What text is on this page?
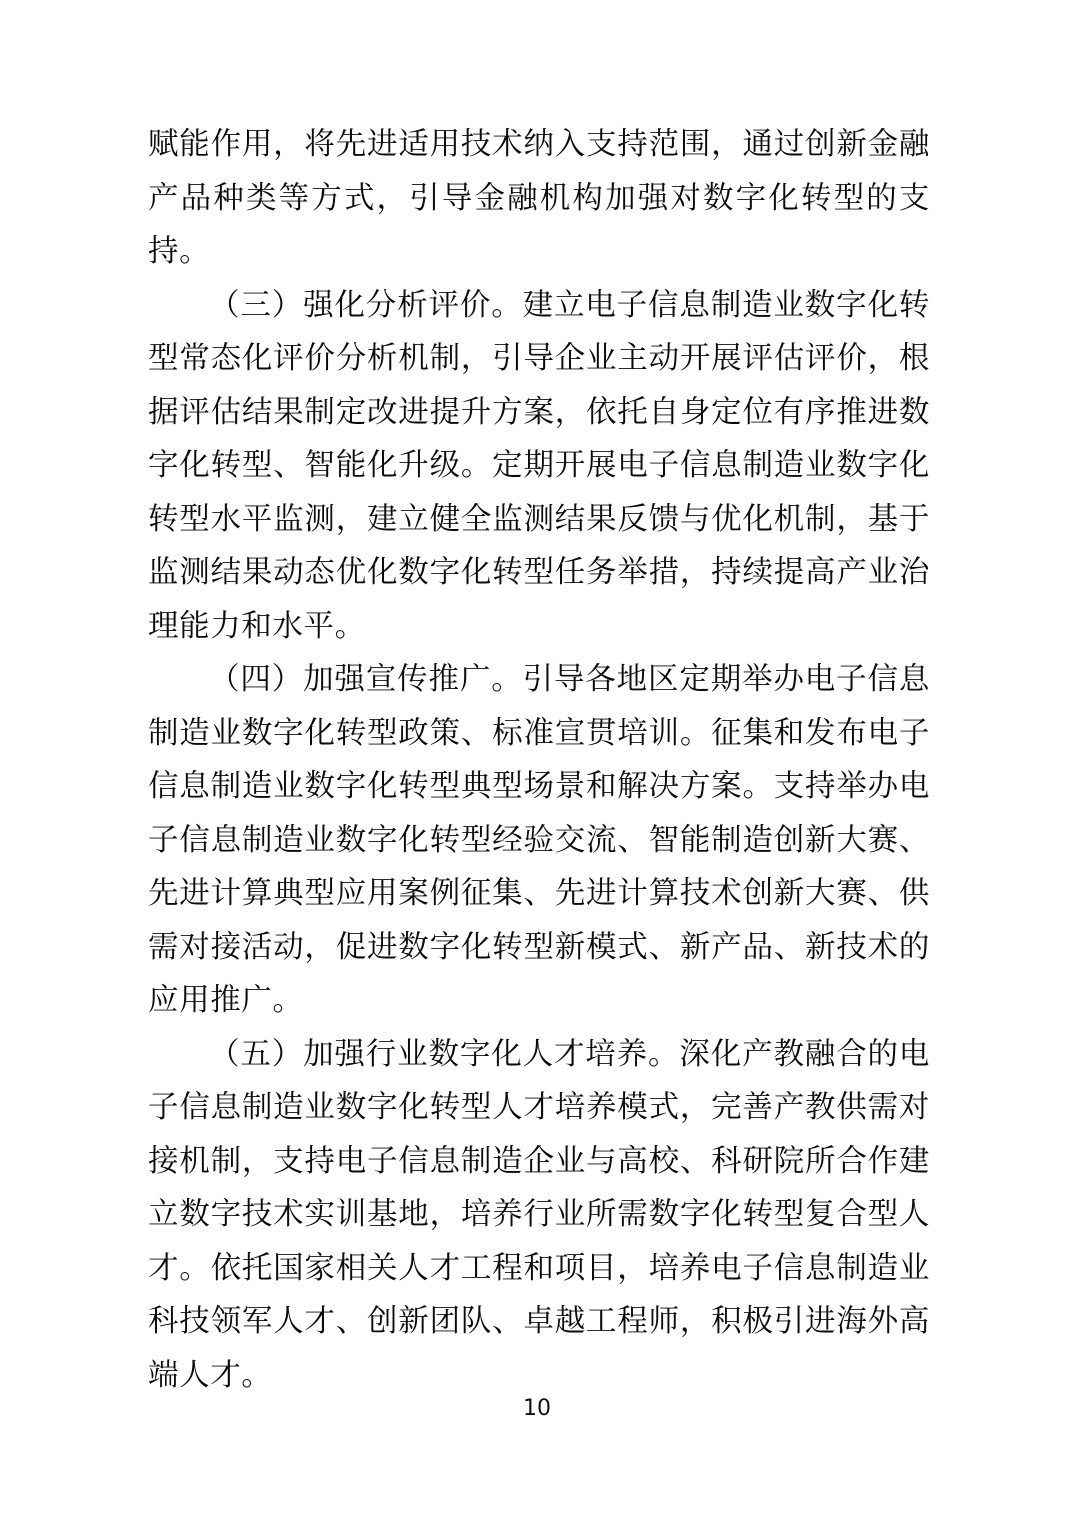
赋能作用，将先进适用技术纳入支持范围，通过创新金融产品种类等方式，引导金融机构加强对数字化转型的支持。

（三）强化分析评价。建立电子信息制造业数字化转型常态化评价分析机制，引导企业主动开展评估评价，根据评估结果制定改进提升方案，依托自身定位有序推进数字化转型、智能化升级。定期开展电子信息制造业数字化转型水平监测，建立健全监测结果反馈与优化机制，基于监测结果动态优化数字化转型任务举措，持续提高产业治理能力和水平。

（四）加强宣传推广。引导各地区定期举办电子信息制造业数字化转型政策、标准宣贯培训。征集和发布电子信息制造业数字化转型典型场景和解决方案。支持举办电子信息制造业数字化转型经验交流、智能制造创新大赛、先进计算典型应用案例征集、先进计算技术创新大赛、供需对接活动，促进数字化转型新模式、新产品、新技术的应用推广。

（五）加强行业数字化人才培养。深化产教融合的电子信息制造业数字化转型人才培养模式，完善产教供需对接机制，支持电子信息制造企业与高校、科研院所合作建立数字技术实训基地，培养行业所需数字化转型复合型人才。依托国家相关人才工程和项目，培养电子信息制造业科技领军人才、创新团队、卓越工程师，积极引进海外高端人才。

10
